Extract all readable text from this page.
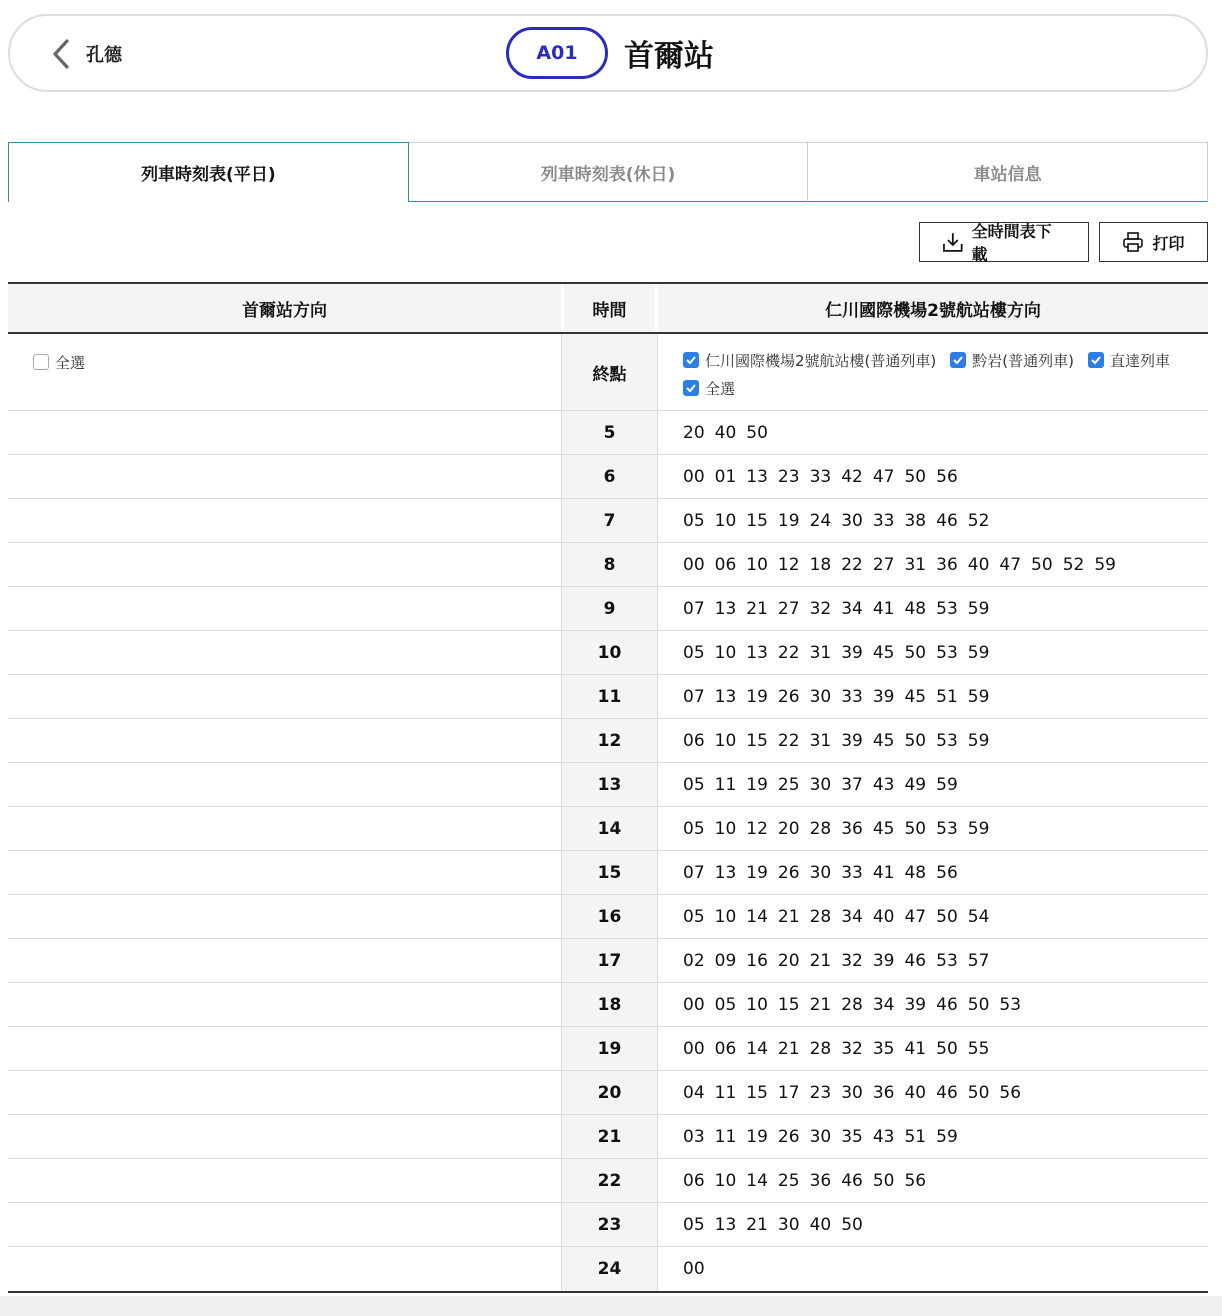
孔德	A01	首爾站
列車時刻表(平日)	列車時刻表(休日)	車站信息
全時間表下載
打印
首爾站方向	時間	仁川國際機場2號航站樓方向
全選
終點
仁川國際機場2號航站樓(普通列車) 黔岩(普通列車) 直達列車
全選
5	20 40 50
6	00 01 13 23 33 42 47 50 56
7	05 10 15 19 24 30 33 38 46 52
8	00 06 10 12 18 22 27 31 36 40 47 50 52 59
9	07 13 21 27 32 34 41 48 53 59
10	05 10 13 22 31 39 45 50 53 59
11	07 13 19 26 30 33 39 45 51 59
12	06 10 15 22 31 39 45 50 53 59
13	05 11 19 25 30 37 43 49 59
14	05 10 12 20 28 36 45 50 53 59
15	07 13 19 26 30 33 41 48 56
16	05 10 14 21 28 34 40 47 50 54
17	02 09 16 20 21 32 39 46 53 57
18	00 05 10 15 21 28 34 39 46 50 53
19	00 06 14 21 28 32 35 41 50 55
20	04 11 15 17 23 30 36 40 46 50 56
21	03 11 19 26 30 35 43 51 59
22	06 10 14 25 36 46 50 56
23	05 13 21 30 40 50
24	00
